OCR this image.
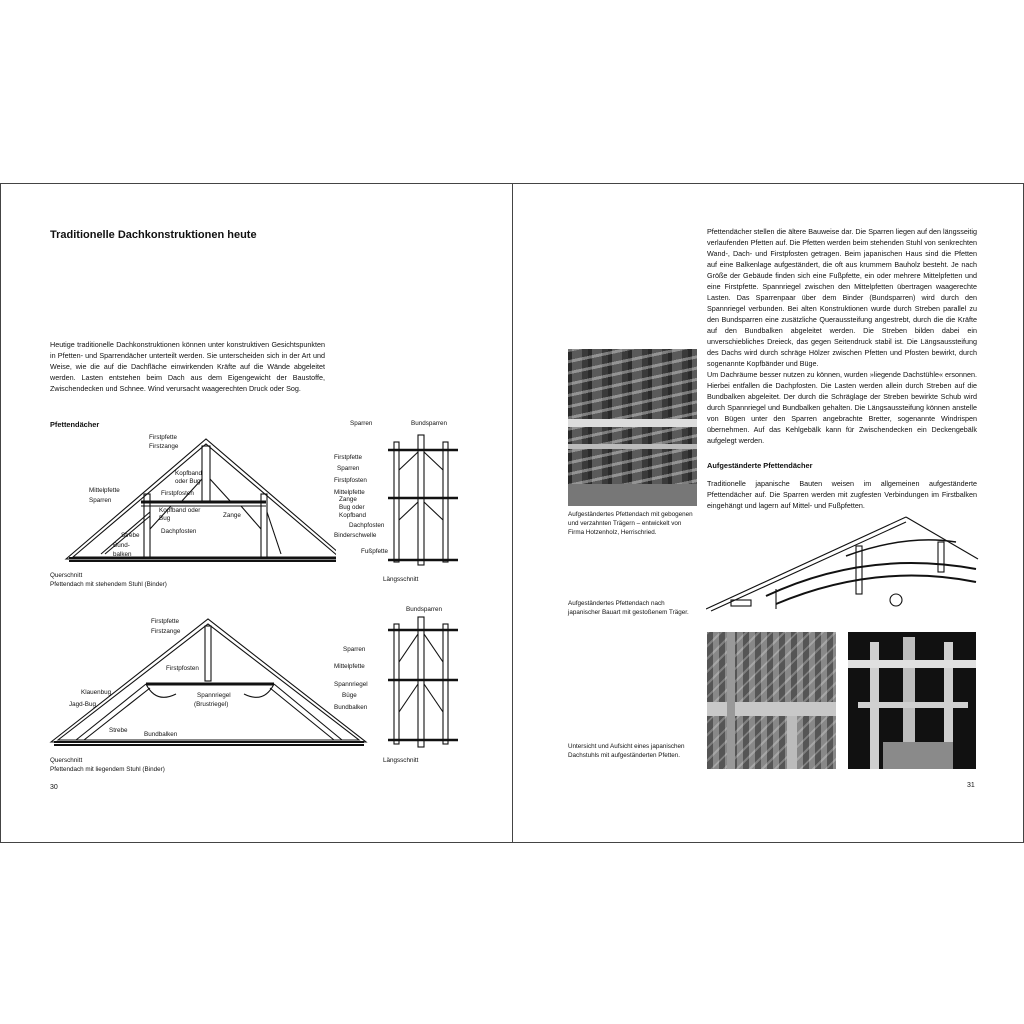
Traditionelle Dachkonstruktionen heute
Heutige traditionelle Dachkonstruktionen können unter konstruktiven Gesichtspunkten in Pfetten- und Sparrendächer unterteilt werden. Sie unterscheiden sich in der Art und Weise, wie die auf die Dachfläche einwirkenden Kräfte auf die Wände abgeleitet werden. Lasten entstehen beim Dach aus dem Eigengewicht der Baustoffe, Zwischendecken und Schnee. Wind verursacht waagerechten Druck oder Sog.
Pfettendächer
Firstpfette
Firstzange
Kopfband oder Bug
Mittelpfette
Sparren
Firstpfosten
Kopfband oder Bug	Zange
Dachpfosten
Strebe
Bund-balken
Querschnitt
Pfettendach mit stehendem Stuhl (Binder)
Sparren	Bundsparren
Firstpfette
Sparren
Firstpfosten
Mittelpfette
Zange
Bug oder Kopfband
Dachpfosten
Binderschwelle
Fußpfette
Längsschnitt
Firstpfette
Firstzange
Firstpfosten
Klauenbug
Jagd-Bug
Spannriegel
(Brustriegel)
Strebe
Bundbalken
Querschnitt
Pfettendach mit liegendem Stuhl (Binder)
Bundsparren
Sparren
Mittelpfette
Spannriegel
Büge
Bundbalken
Längsschnitt
30
Pfettendächer stellen die ältere Bauweise dar. Die Sparren liegen auf den längsseitig verlaufenden Pfetten auf. Die Pfetten werden beim stehenden Stuhl von senkrechten Wand-, Dach- und Firstpfosten getragen. Beim japanischen Haus sind die Pfetten auf eine Balkenlage aufgeständert, die oft aus krummem Bauholz besteht. Je nach Größe der Gebäude finden sich eine Fußpfette, ein oder mehrere Mittelpfetten und eine Firstpfette. Spannriegel zwischen den Mittelpfetten übertragen waagerechte Lasten. Das Sparrenpaar über dem Binder (Bundsparren) wird durch den Spannriegel verbunden. Bei alten Konstruktionen wurde durch Streben parallel zu den Bundsparren eine zusätzliche Queraussteifung angestrebt, durch die die Kräfte auf den Bundbalken abgeleitet werden. Die Streben bilden dabei ein unverschiebliches Dreieck, das gegen Seitendruck stabil ist. Die Längsaussteifung des Dachs wird durch schräge Hölzer zwischen Pfetten und Pfosten bewirkt, durch sogenannte Kopfbänder und Büge.
Um Dachräume besser nutzen zu können, wurden »liegende Dachstühle« ersonnen. Hierbei entfallen die Dachpfosten. Die Lasten werden allein durch Streben auf die Bundbalken abgeleitet. Der durch die Schräglage der Streben bewirkte Schub wird durch Spannriegel und Bundbalken gehalten. Die Längsaussteifung können anstelle von Bügen unter den Sparren angebrachte Bretter, sogenannte Windrispen übernehmen. Auf das Kehlgebälk kann für Zwischendecken ein Deckengebälk aufgelegt werden.
Aufgeständerte Pfettendächer
Traditionelle japanische Bauten weisen im allgemeinen aufgeständerte Pfettendächer auf. Die Sparren werden mit zugfesten Verbindungen im Firstbalken eingehängt und lagern auf Mittel- und Fußpfetten.
Aufgeständertes Pfettendach mit gebogenen und verzahnten Trägern – entwickelt von Firma Hotzenholz, Herrischried.
Aufgeständertes Pfettendach nach japanischer Bauart mit gestoßenem Träger.
Untersicht und Aufsicht eines japanischen Dachstuhls mit aufgeständerten Pfetten.
31
